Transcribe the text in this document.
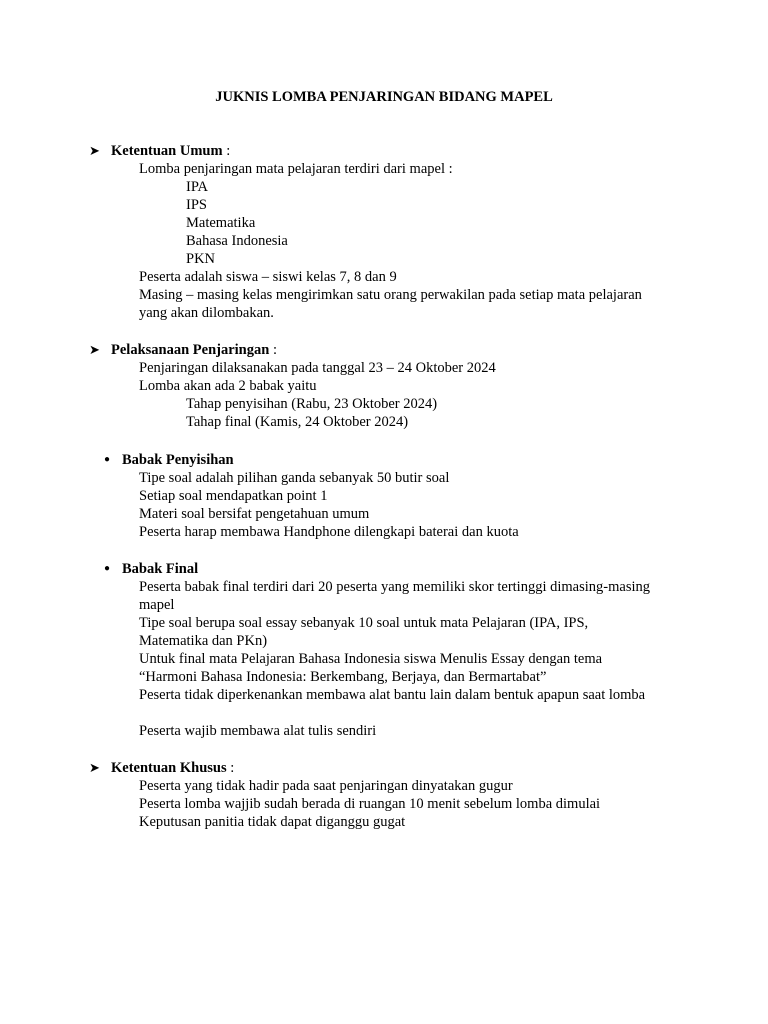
JUKNIS LOMBA PENJARINGAN BIDANG MAPEL
➤ Ketentuan Umum :
Lomba penjaringan mata pelajaran terdiri dari mapel :
IPA
IPS
Matematika
Bahasa Indonesia
PKN
Peserta adalah siswa – siswi kelas 7, 8 dan 9
Masing – masing kelas mengirimkan satu orang perwakilan pada setiap mata pelajaran yang akan dilombakan.
➤ Pelaksanaan Penjaringan :
Penjaringan dilaksanakan pada tanggal 23 – 24 Oktober 2024
Lomba akan ada 2 babak yaitu
Tahap penyisihan (Rabu, 23 Oktober 2024)
Tahap final (Kamis, 24 Oktober 2024)
● Babak Penyisihan
Tipe soal adalah pilihan ganda sebanyak 50 butir soal
Setiap soal mendapatkan point 1
Materi soal bersifat pengetahuan umum
Peserta harap membawa Handphone dilengkapi baterai dan kuota
● Babak Final
Peserta babak final terdiri dari 20 peserta yang memiliki skor tertinggi dimasing-masing mapel
Tipe soal berupa soal essay sebanyak 10 soal untuk mata Pelajaran (IPA, IPS, Matematika dan PKn)
Untuk final mata Pelajaran Bahasa Indonesia siswa Menulis Essay dengan tema “Harmoni Bahasa Indonesia: Berkembang, Berjaya, dan Bermartabat”
Peserta tidak diperkenankan membawa alat bantu lain dalam bentuk apapun saat lomba
Peserta wajib membawa alat tulis sendiri
➤ Ketentuan Khusus :
Peserta yang tidak hadir pada saat penjaringan dinyatakan gugur
Peserta lomba wajjib sudah berada di ruangan 10 menit sebelum lomba dimulai
Keputusan panitia tidak dapat diganggu gugat
